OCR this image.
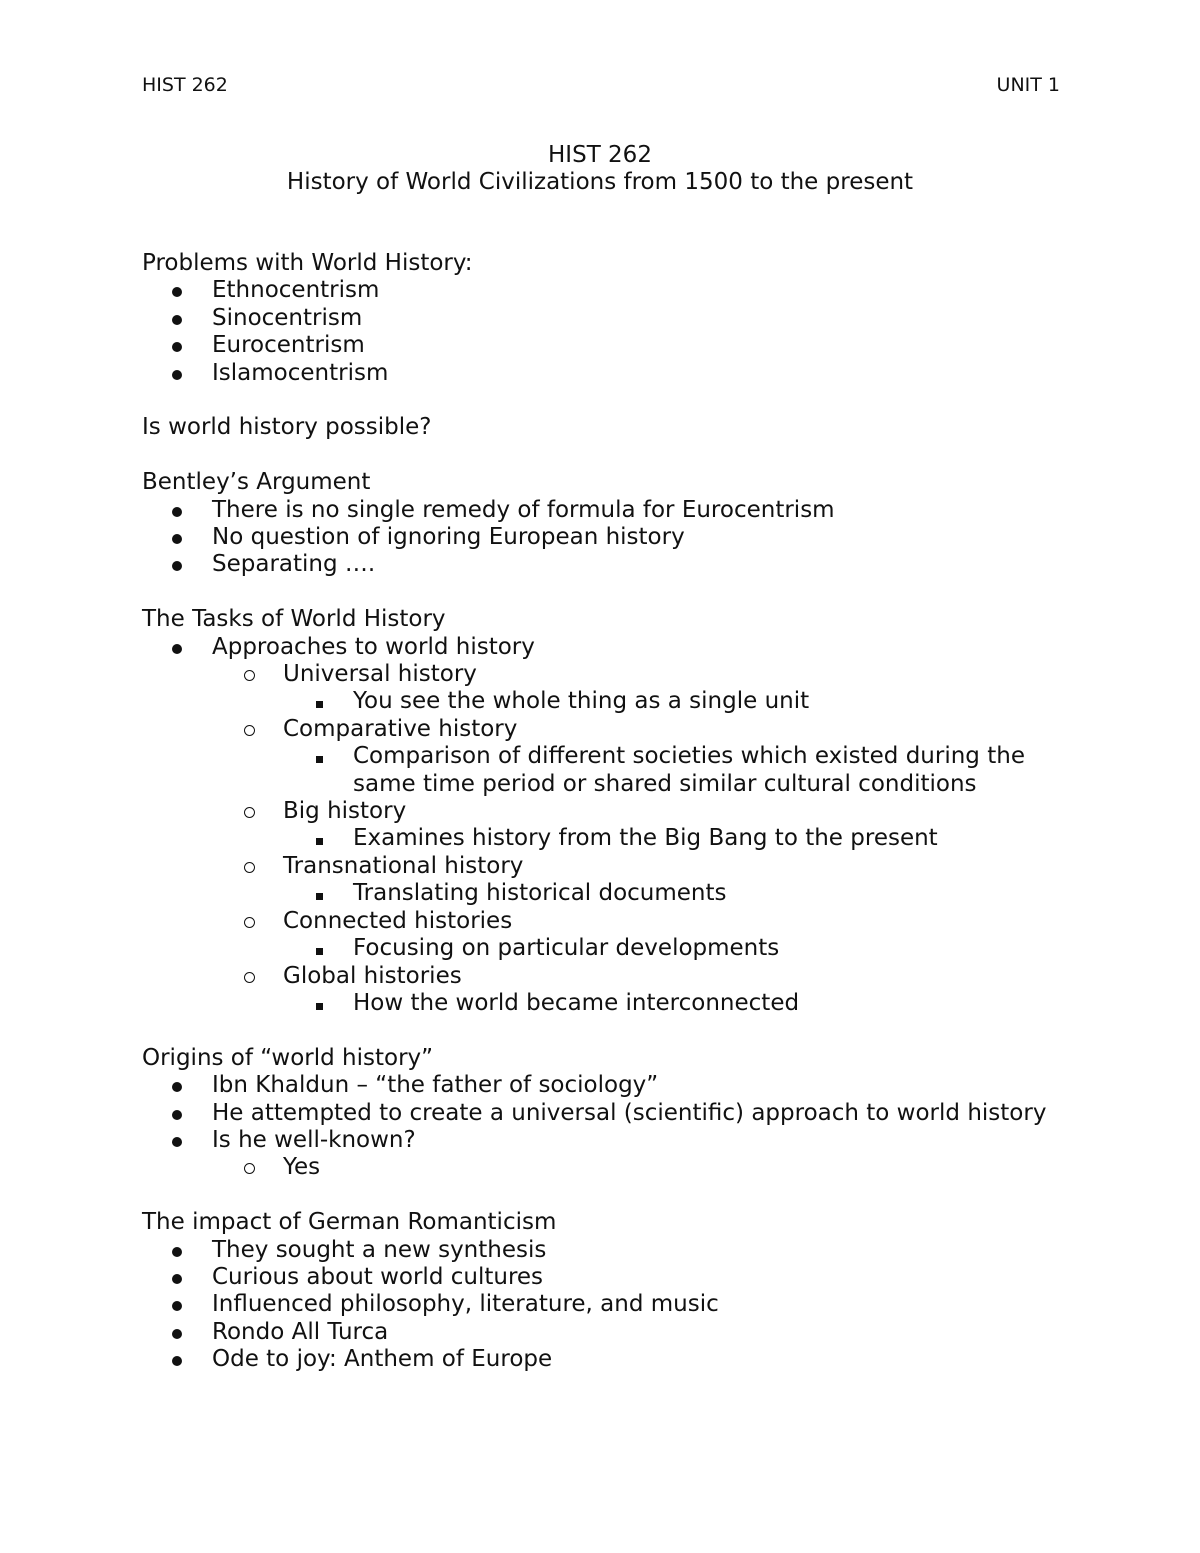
HIST 262	UNIT 1
HIST 262
History of World Civilizations from 1500 to the present

Problems with World History:

Ethnocentrism
Sinocentrism
Eurocentrism
Islamocentrism

Is world history possible?

Bentley’s Argument

There is no single remedy of formula for Eurocentrism
No question of ignoring European history
Separating ….

The Tasks of World History

Approaches to world history
Universal history
You see the whole thing as a single unit
Comparative history
Comparison of different societies which existed during the same time period or shared similar cultural conditions
Big history
Examines history from the Big Bang to the present
Transnational history
Translating historical documents
Connected histories
Focusing on particular developments
Global histories
How the world became interconnected

Origins of “world history”

Ibn Khaldun – “the father of sociology”
He attempted to create a universal (scientific) approach to world history
Is he well-known?
Yes

The impact of German Romanticism

They sought a new synthesis
Curious about world cultures
Influenced philosophy, literature, and music
Rondo All Turca
Ode to joy: Anthem of Europe
